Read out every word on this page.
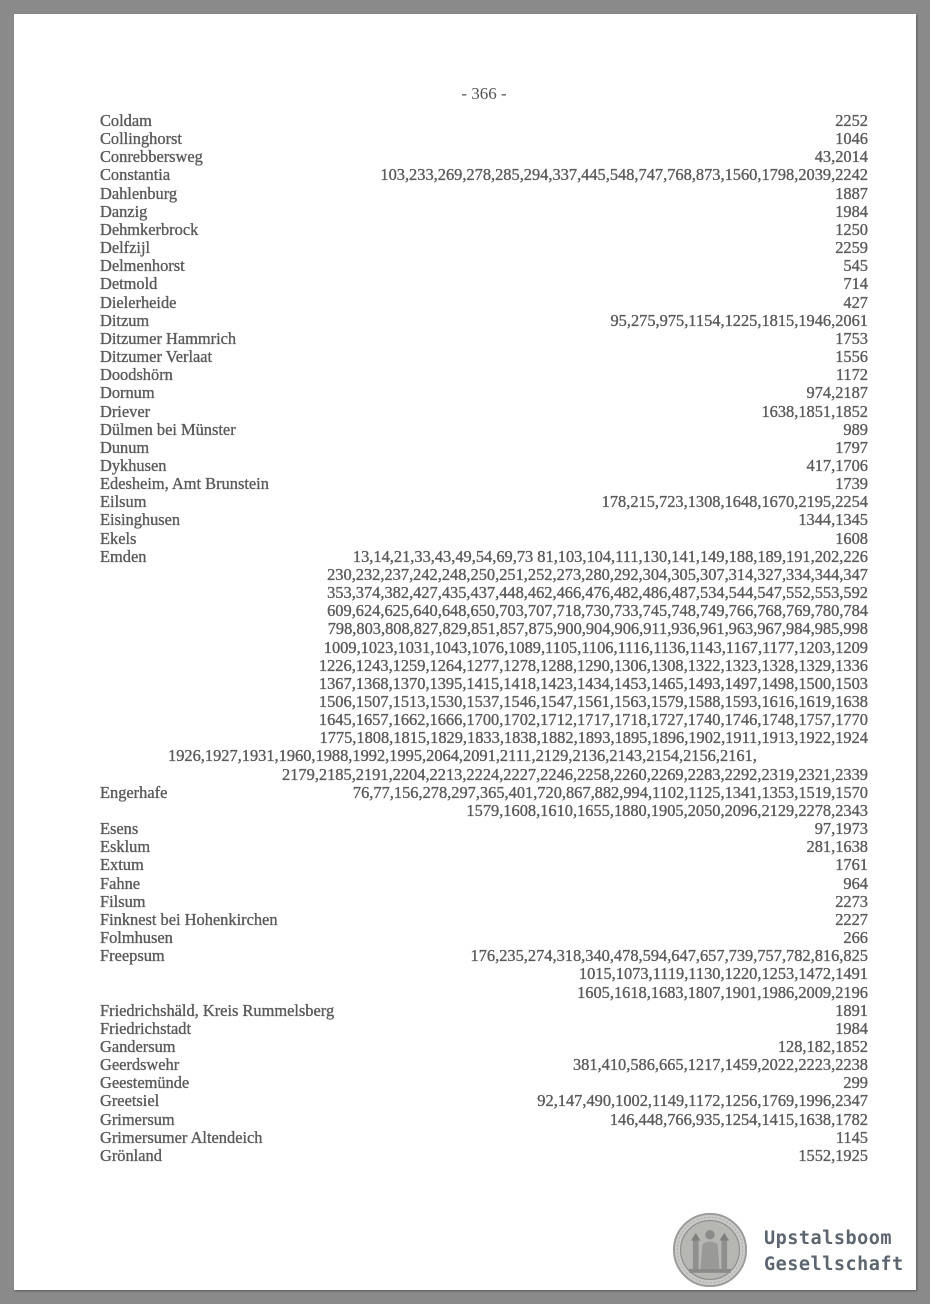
- 366 -
Coldam	2252
Collinghorst	1046
Conrebbersweg	43,2014
Constantia	103,233,269,278,285,294,337,445,548,747,768,873,1560,1798,2039,2242
Dahlenburg	1887
Danzig	1984
Dehmkerbrock	1250
Delfzijl	2259
Delmenhorst	545
Detmold	714
Dielerheide	427
Ditzum	95,275,975,1154,1225,1815,1946,2061
Ditzumer Hammrich	1753
Ditzumer Verlaat	1556
Doodshörn	1172
Dornum	974,2187
Driever	1638,1851,1852
Dülmen bei Münster	989
Dunum	1797
Dykhusen	417,1706
Edesheim, Amt Brunstein	1739
Eilsum	178,215,723,1308,1648,1670,2195,2254
Eisinghusen	1344,1345
Ekels	1608
Emden	13,14,21,33,43,49,54,69,73 81,103,104,111,130,141,149,188,189,191,202,226
230,232,237,242,248,250,251,252,273,280,292,304,305,307,314,327,334,344,347
353,374,382,427,435,437,448,462,466,476,482,486,487,534,544,547,552,553,592
609,624,625,640,648,650,703,707,718,730,733,745,748,749,766,768,769,780,784
798,803,808,827,829,851,857,875,900,904,906,911,936,961,963,967,984,985,998
1009,1023,1031,1043,1076,1089,1105,1106,1116,1136,1143,1167,1177,1203,1209
1226,1243,1259,1264,1277,1278,1288,1290,1306,1308,1322,1323,1328,1329,1336
1367,1368,1370,1395,1415,1418,1423,1434,1453,1465,1493,1497,1498,1500,1503
1506,1507,1513,1530,1537,1546,1547,1561,1563,1579,1588,1593,1616,1619,1638
1645,1657,1662,1666,1700,1702,1712,1717,1718,1727,1740,1746,1748,1757,1770
1775,1808,1815,1829,1833,1838,1882,1893,1895,1896,1902,1911,1913,1922,1924
1926,1927,1931,1960,1988,1992,1995,2064,2091,2111,2129,2136,2143,2154,2156,2161,
2179,2185,2191,2204,2213,2224,2227,2246,2258,2260,2269,2283,2292,2319,2321,2339
Engerhafe	76,77,156,278,297,365,401,720,867,882,994,1102,1125,1341,1353,1519,1570
1579,1608,1610,1655,1880,1905,2050,2096,2129,2278,2343
Esens	97,1973
Esklum	281,1638
Extum	1761
Fahne	964
Filsum	2273
Finknest bei Hohenkirchen	2227
Folmhusen	266
Freepsum	176,235,274,318,340,478,594,647,657,739,757,782,816,825
1015,1073,1119,1130,1220,1253,1472,1491
1605,1618,1683,1807,1901,1986,2009,2196
Friedrichshäld, Kreis Rummelsberg	1891
Friedrichstadt	1984
Gandersum	128,182,1852
Geerdswehr	381,410,586,665,1217,1459,2022,2223,2238
Geestemünde	299
Greetsiel	92,147,490,1002,1149,1172,1256,1769,1996,2347
Grimersum	146,448,766,935,1254,1415,1638,1782
Grimersumer Altendeich	1145
Grönland	1552,1925
Upstalsboom
Gesellschaft
